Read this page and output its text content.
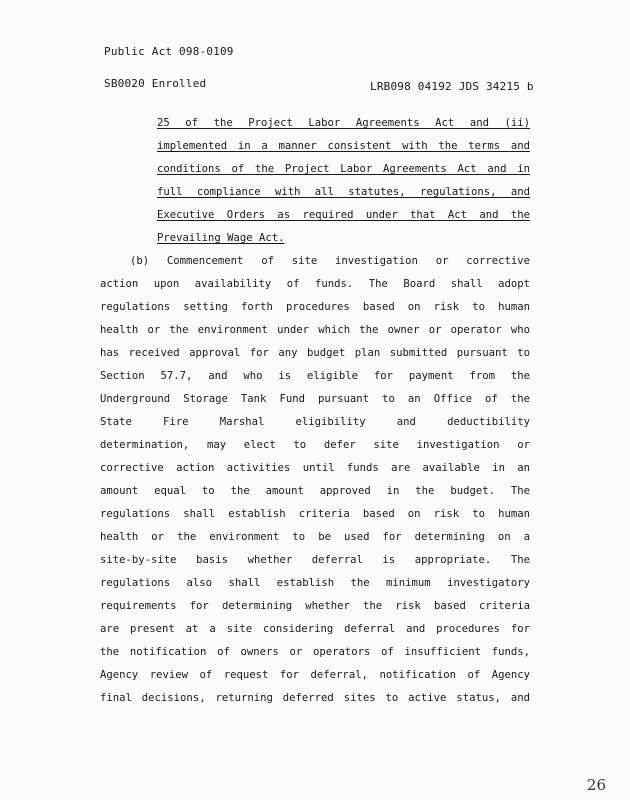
Public Act 098-0109
SB0020 Enrolled	LRB098 04192 JDS 34215 b
25 of the Project Labor Agreements Act and (ii)
implemented in a manner consistent with the terms and
conditions of the Project Labor Agreements Act and in
full compliance with all statutes, regulations, and
Executive Orders as required under that Act and the
Prevailing Wage Act.
(b) Commencement of site investigation or corrective
action upon availability of funds. The Board shall adopt
regulations setting forth procedures based on risk to human
health or the environment under which the owner or operator who
has received approval for any budget plan submitted pursuant to
Section 57.7, and who is eligible for payment from the
Underground Storage Tank Fund pursuant to an Office of the
State Fire Marshal eligibility and deductibility
determination, may elect to defer site investigation or
corrective action activities until funds are available in an
amount equal to the amount approved in the budget. The
regulations shall establish criteria based on risk to human
health or the environment to be used for determining on a
site-by-site basis whether deferral is appropriate. The
regulations also shall establish the minimum investigatory
requirements for determining whether the risk based criteria
are present at a site considering deferral and procedures for
the notification of owners or operators of insufficient funds,
Agency review of request for deferral, notification of Agency
final decisions, returning deferred sites to active status, and
26
